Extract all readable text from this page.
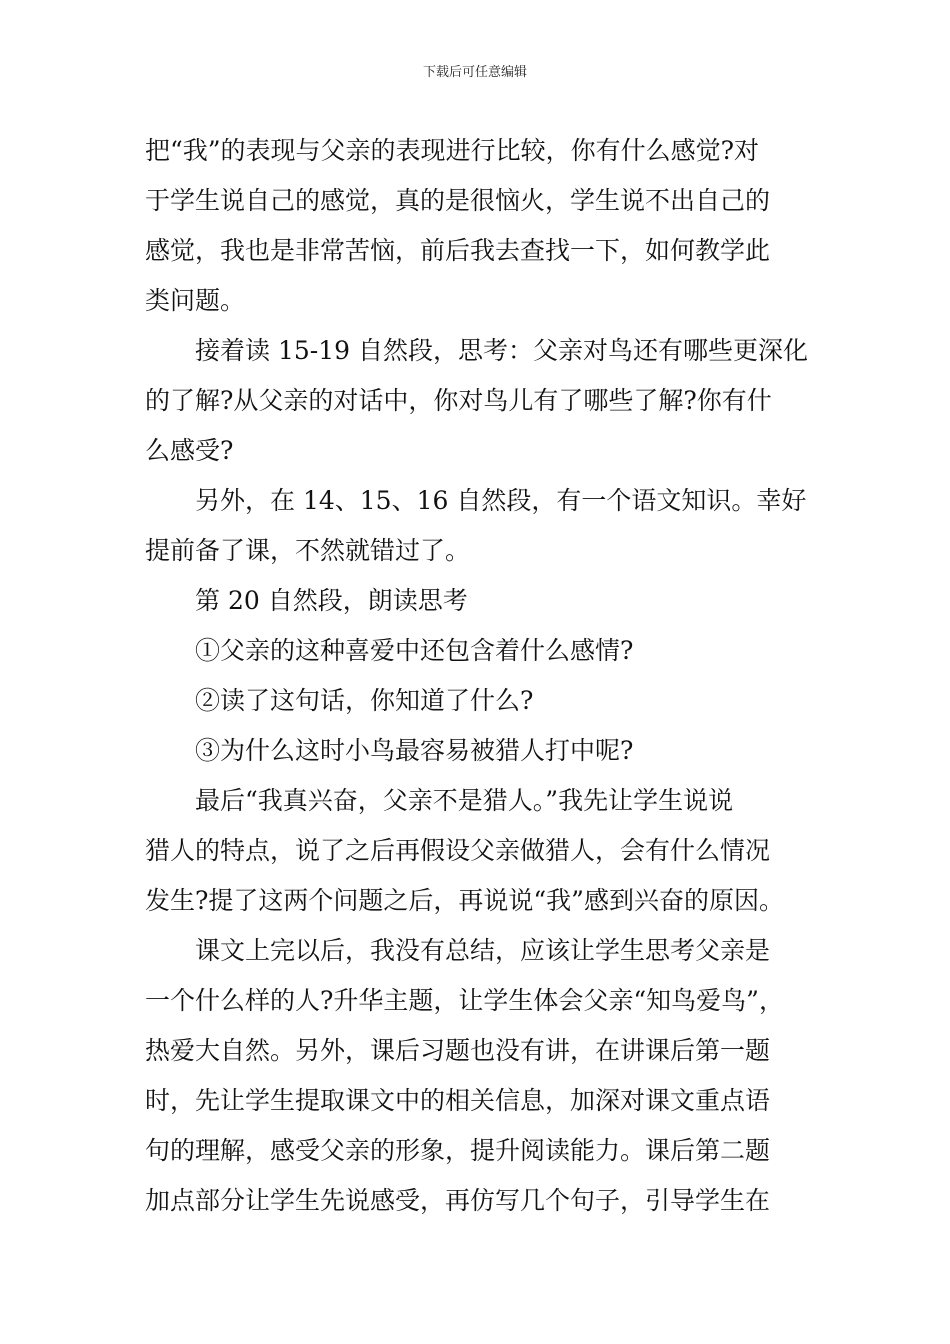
下载后可任意编辑
把“我”的表现与父亲的表现进行比较，你有什么感觉?对
于学生说自己的感觉，真的是很恼火，学生说不出自己的
感觉，我也是非常苦恼，前后我去查找一下，如何教学此
类问题。
接着读 15-19 自然段，思考：父亲对鸟还有哪些更深化
的了解?从父亲的对话中，你对鸟儿有了哪些了解?你有什
么感受?
另外，在 14、15、16 自然段，有一个语文知识。幸好
提前备了课，不然就错过了。
第 20 自然段，朗读思考
①父亲的这种喜爱中还包含着什么感情?
②读了这句话，你知道了什么?
③为什么这时小鸟最容易被猎人打中呢?
最后“我真兴奋，父亲不是猎人。”我先让学生说说
猎人的特点，说了之后再假设父亲做猎人，会有什么情况
发生?提了这两个问题之后，再说说“我”感到兴奋的原因。
课文上完以后，我没有总结，应该让学生思考父亲是
一个什么样的人?升华主题，让学生体会父亲“知鸟爱鸟”，
热爱大自然。另外，课后习题也没有讲，在讲课后第一题
时，先让学生提取课文中的相关信息，加深对课文重点语
句的理解，感受父亲的形象，提升阅读能力。课后第二题
加点部分让学生先说感受，再仿写几个句子，引导学生在
